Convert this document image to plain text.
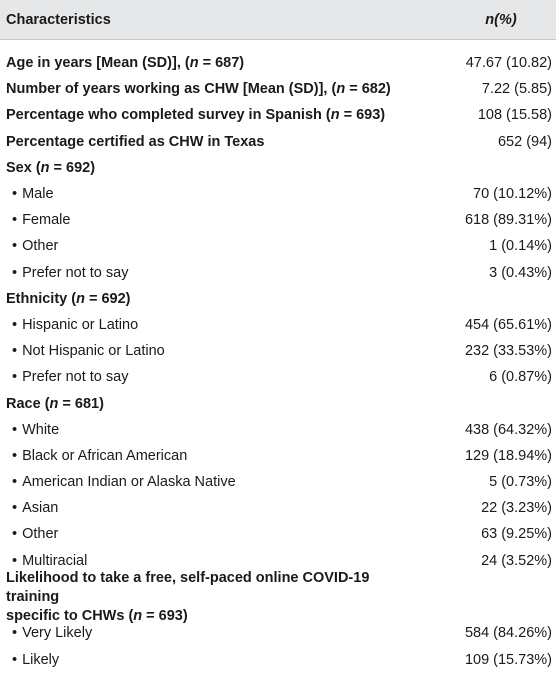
Characteristics	n(%)
Age in years [Mean (SD)], (n = 687)	47.67 (10.82)
Number of years working as CHW [Mean (SD)], (n = 682)	7.22 (5.85)
Percentage who completed survey in Spanish (n = 693)	108 (15.58)
Percentage certified as CHW in Texas	652 (94)
Sex (n = 692)
• Male	70 (10.12%)
• Female	618 (89.31%)
• Other	1 (0.14%)
• Prefer not to say	3 (0.43%)
Ethnicity (n = 692)
• Hispanic or Latino	454 (65.61%)
• Not Hispanic or Latino	232 (33.53%)
• Prefer not to say	6 (0.87%)
Race (n = 681)
• White	438 (64.32%)
• Black or African American	129 (18.94%)
• American Indian or Alaska Native	5 (0.73%)
• Asian	22 (3.23%)
• Other	63 (9.25%)
• Multiracial	24 (3.52%)
Likelihood to take a free, self-paced online COVID-19 training
specific to CHWs (n = 693)
• Very Likely	584 (84.26%)
• Likely	109 (15.73%)
